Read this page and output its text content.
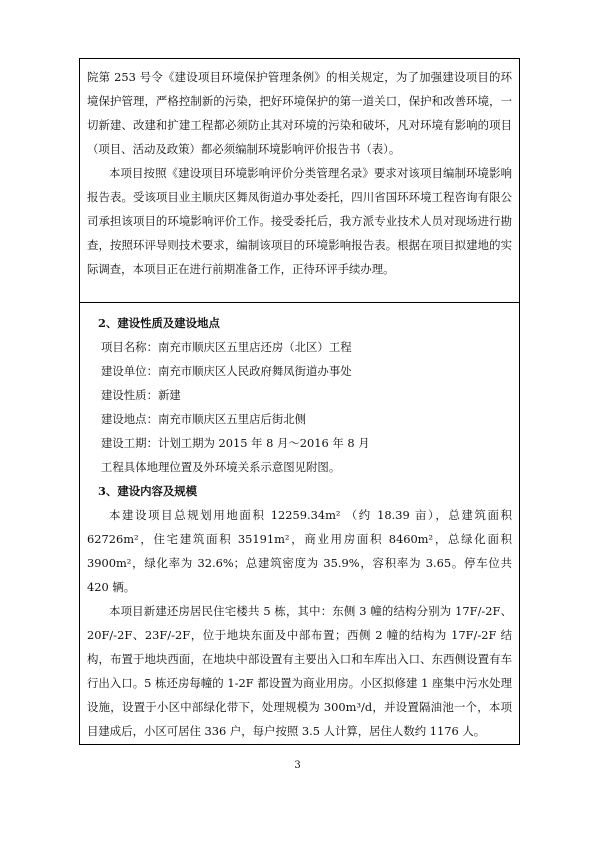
院第 253 号令《建设项目环境保护管理条例》的相关规定，为了加强建设项目的环境保护管理，严格控制新的污染，把好环境保护的第一道关口，保护和改善环境，一切新建、改建和扩建工程都必须防止其对环境的污染和破坏，凡对环境有影响的项目（项目、活动及政策）都必须编制环境影响评价报告书（表）。

本项目按照《建设项目环境影响评价分类管理名录》要求对该项目编制环境影响报告表。受该项目业主顺庆区舞凤街道办事处委托，四川省国环环境工程咨询有限公司承担该项目的环境影响评价工作。接受委托后，我方派专业技术人员对现场进行勘查，按照环评导则技术要求，编制该项目的环境影响报告表。根据在项目拟建地的实际调查，本项目正在进行前期准备工作，正待环评手续办理。

2、建设性质及建设地点

项目名称：南充市顺庆区五里店还房（北区）工程

建设单位：南充市顺庆区人民政府舞凤街道办事处

建设性质：新建

建设地点：南充市顺庆区五里店后街北侧

建设工期：计划工期为 2015 年 8 月～2016 年 8 月

工程具体地理位置及外环境关系示意图见附图。

3、建设内容及规模

本建设项目总规划用地面积 12259.34m² （约 18.39 亩），总建筑面积 62726m²，住宅建筑面积 35191m²，商业用房面积 8460m²，总绿化面积 3900m²，绿化率为 32.6%；总建筑密度为 35.9%，容积率为 3.65。停车位共 420 辆。

本项目新建还房居民住宅楼共 5 栋，其中：东侧 3 幢的结构分别为 17F/-2F、20F/-2F、23F/-2F，位于地块东面及中部布置；西侧 2 幢的结构为 17F/-2F 结构，布置于地块西面，在地块中部设置有主要出入口和车库出入口、东西侧设置有车行出入口。5 栋还房每幢的 1-2F 都设置为商业用房。小区拟修建 1 座集中污水处理设施，设置于小区中部绿化带下，处理规模为 300m³/d，并设置隔油池一个，本项目建成后，小区可居住 336 户，每户按照 3.5 人计算，居住人数约 1176 人。

3
